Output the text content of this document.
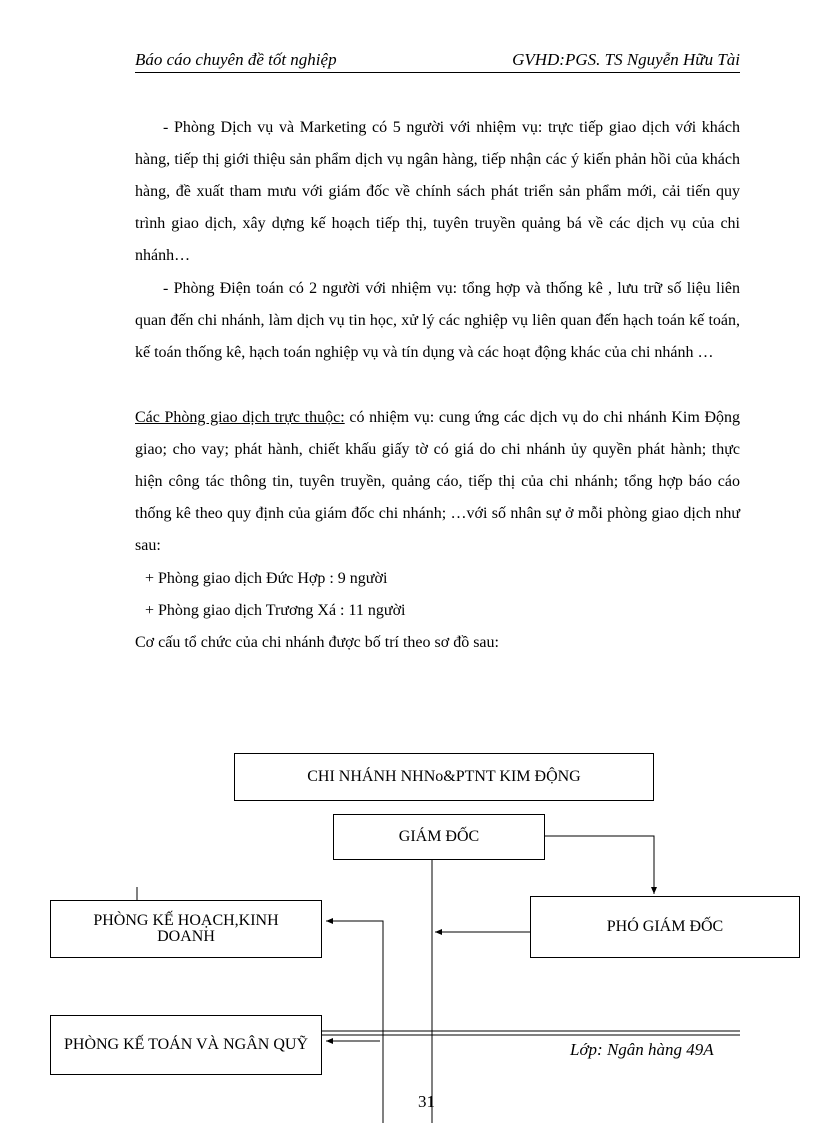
Báo cáo chuyên đề tốt nghiệp	GVHD:PGS. TS Nguyễn Hữu Tài

- Phòng Dịch vụ và Marketing có 5 người với nhiệm vụ: trực tiếp giao dịch với khách hàng, tiếp thị giới thiệu sản phẩm dịch vụ ngân hàng, tiếp nhận các ý kiến phản hồi của khách hàng, đề xuất tham mưu với giám đốc về chính sách phát triển sản phẩm mới, cải tiến quy trình giao dịch, xây dựng kế hoạch tiếp thị, tuyên truyền quảng bá về các dịch vụ của chi nhánh…

- Phòng Điện toán có 2 người với nhiệm vụ: tổng hợp và thống kê , lưu trữ số liệu liên quan đến chi nhánh, làm dịch vụ tin học, xử lý các nghiệp vụ liên quan đến hạch toán kế toán, kế toán thống kê, hạch toán nghiệp vụ và tín dụng và các hoạt động khác của chi nhánh …

Các Phòng giao dịch trực thuộc: có nhiệm vụ: cung ứng các dịch vụ do chi nhánh Kim Động giao; cho vay; phát hành, chiết khấu giấy tờ có giá do chi nhánh ủy quyền phát hành; thực hiện công tác thông tin, tuyên truyền, quảng cáo, tiếp thị của chi nhánh; tổng hợp báo cáo thống kê theo quy định của giám đốc chi nhánh; …với số nhân sự ở mỗi phòng giao dịch như sau:

+ Phòng giao dịch Đức Hợp : 9 người
+ Phòng giao dịch Trương Xá : 11 người
Cơ cấu tổ chức của chi nhánh được bố trí theo sơ đồ sau:
CHI NHÁNH NHNo&PTNT KIM ĐỘNG
GIÁM ĐỐC
PHÓ GIÁM ĐỐC
PHÒNG KẾ HOẠCH,KINH DOANH
PHÒNG KẾ TOÁN VÀ NGÂN QUỸ	Lớp: Ngân hàng 49A
31
